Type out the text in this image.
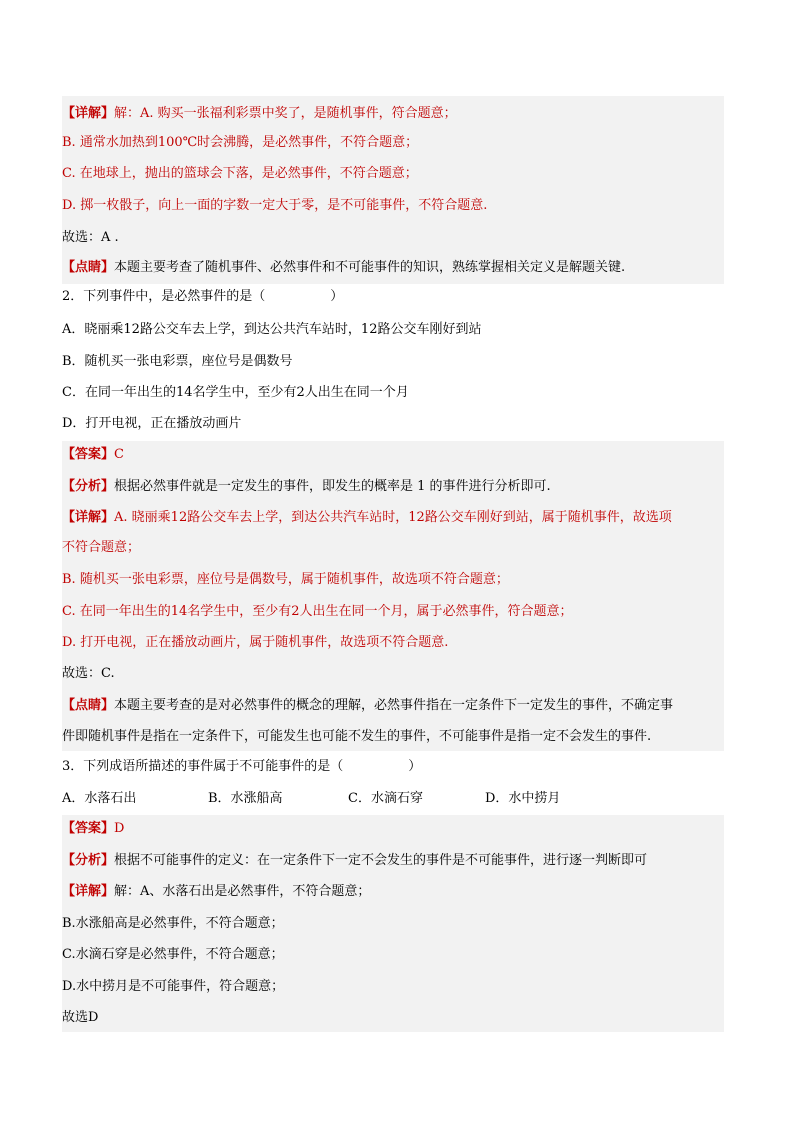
【详解】解：A. 购买一张福利彩票中奖了，是随机事件，符合题意；
B. 通常水加热到100℃时会沸腾，是必然事件，不符合题意；
C. 在地球上，抛出的篮球会下落，是必然事件，不符合题意；
D. 掷一枚骰子，向上一面的字数一定大于零，是不可能事件，不符合题意.
故选：A .
【点睛】本题主要考查了随机事件、必然事件和不可能事件的知识，熟练掌握相关定义是解题关键.
2．下列事件中，是必然事件的是（　　　　　）
A．晓丽乘12路公交车去上学，到达公共汽车站时，12路公交车刚好到站
B．随机买一张电彩票，座位号是偶数号
C．在同一年出生的14名学生中，至少有2人出生在同一个月
D．打开电视，正在播放动画片
【答案】C
【分析】根据必然事件就是一定发生的事件，即发生的概率是 1 的事件进行分析即可.
【详解】A. 晓丽乘12路公交车去上学，到达公共汽车站时，12路公交车刚好到站，属于随机事件，故选项
不符合题意；
B. 随机买一张电彩票，座位号是偶数号，属于随机事件，故选项不符合题意；
C. 在同一年出生的14名学生中，至少有2人出生在同一个月，属于必然事件，符合题意；
D. 打开电视，正在播放动画片，属于随机事件，故选项不符合题意.
故选：C.
【点睛】本题主要考查的是对必然事件的概念的理解，必然事件指在一定条件下一定发生的事件，不确定事
件即随机事件是指在一定条件下，可能发生也可能不发生的事件，不可能事件是指一定不会发生的事件.
3．下列成语所描述的事件属于不可能事件的是（　　　　　）
A．水落石出	B．水涨船高	C．水滴石穿	D．水中捞月
【答案】D
【分析】根据不可能事件的定义：在一定条件下一定不会发生的事件是不可能事件，进行逐一判断即可
【详解】解：A、水落石出是必然事件，不符合题意；
B.水涨船高是必然事件，不符合题意；
C.水滴石穿是必然事件，不符合题意；
D.水中捞月是不可能事件，符合题意；
故选D
